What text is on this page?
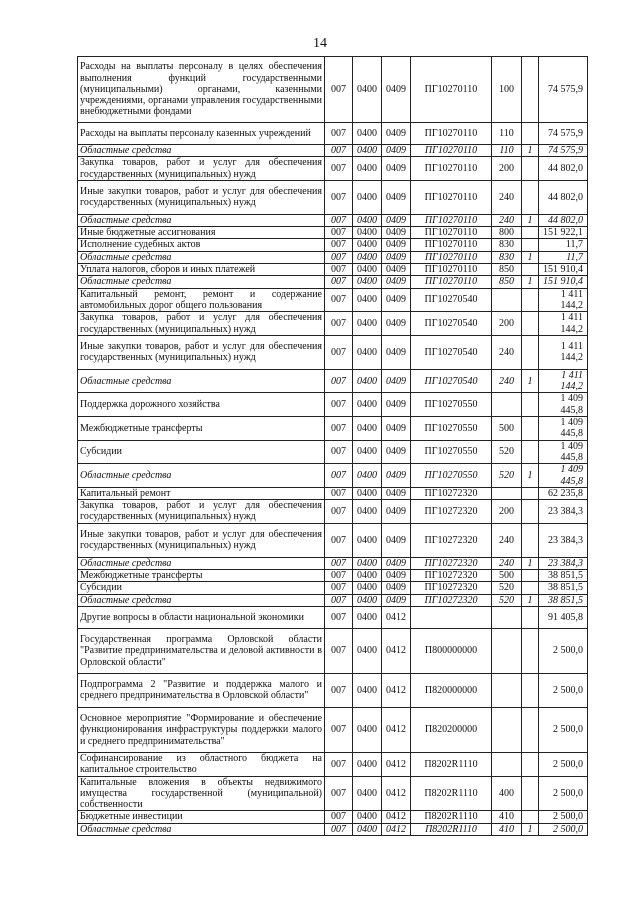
14
Расходы на выплаты персоналу в целях обеспечения выполнения функций государственными (муниципальными) органами, казенными учреждениями, органами управления государственными внебюджетными фондами	007	0400	0409	ПГ10270110	100		74 575,9
Расходы на выплаты персоналу казенных учреждений	007	0400	0409	ПГ10270110	110		74 575,9
Областные средства	007	0400	0409	ПГ10270110	110	1	74 575,9
Закупка товаров, работ и услуг для обеспечения государственных (муниципальных) нужд	007	0400	0409	ПГ10270110	200		44 802,0
Иные закупки товаров, работ и услуг для обеспечения государственных (муниципальных) нужд	007	0400	0409	ПГ10270110	240		44 802,0
Областные средства	007	0400	0409	ПГ10270110	240	1	44 802,0
Иные бюджетные ассигнования	007	0400	0409	ПГ10270110	800		151 922,1
Исполнение судебных актов	007	0400	0409	ПГ10270110	830		11,7
Областные средства	007	0400	0409	ПГ10270110	830	1	11,7
Уплата налогов, сборов и иных платежей	007	0400	0409	ПГ10270110	850		151 910,4
Областные средства	007	0400	0409	ПГ10270110	850	1	151 910,4
Капитальный ремонт, ремонт и содержание автомобильных дорог общего пользования	007	0400	0409	ПГ10270540			1 411 144,2
Закупка товаров, работ и услуг для обеспечения государственных (муниципальных) нужд	007	0400	0409	ПГ10270540	200		1 411 144,2
Иные закупки товаров, работ и услуг для обеспечения государственных (муниципальных) нужд	007	0400	0409	ПГ10270540	240		1 411 144,2
Областные средства	007	0400	0409	ПГ10270540	240	1	1 411 144,2
Поддержка дорожного хозяйства	007	0400	0409	ПГ10270550			1 409 445,8
Межбюджетные трансферты	007	0400	0409	ПГ10270550	500		1 409 445,8
Субсидии	007	0400	0409	ПГ10270550	520		1 409 445,8
Областные средства	007	0400	0409	ПГ10270550	520	1	1 409 445,8
Капитальный ремонт	007	0400	0409	ПГ10272320			62 235,8
Закупка товаров, работ и услуг для обеспечения государственных (муниципальных) нужд	007	0400	0409	ПГ10272320	200		23 384,3
Иные закупки товаров, работ и услуг для обеспечения государственных (муниципальных) нужд	007	0400	0409	ПГ10272320	240		23 384,3
Областные средства	007	0400	0409	ПГ10272320	240	1	23 384,3
Межбюджетные трансферты	007	0400	0409	ПГ10272320	500		38 851,5
Субсидии	007	0400	0409	ПГ10272320	520		38 851,5
Областные средства	007	0400	0409	ПГ10272320	520	1	38 851,5
Другие вопросы в области национальной экономики	007	0400	0412				91 405,8
Государственная программа Орловской области "Развитие предпринимательства и деловой активности в Орловской области"	007	0400	0412	П800000000			2 500,0
Подпрограмма 2 "Развитие и поддержка малого и среднего предпринимательства в Орловской области"	007	0400	0412	П820000000			2 500,0
Основное мероприятие "Формирование и обеспечение функционирования инфраструктуры поддержки малого и среднего предпринимательства"	007	0400	0412	П820200000			2 500,0
Софинансирование из областного бюджета на капитальное строительство	007	0400	0412	П8202R1110			2 500,0
Капитальные вложения в объекты недвижимого имущества государственной (муниципальной) собственности	007	0400	0412	П8202R1110	400		2 500,0
Бюджетные инвестиции	007	0400	0412	П8202R1110	410		2 500,0
Областные средства	007	0400	0412	П8202R1110	410	1	2 500,0
